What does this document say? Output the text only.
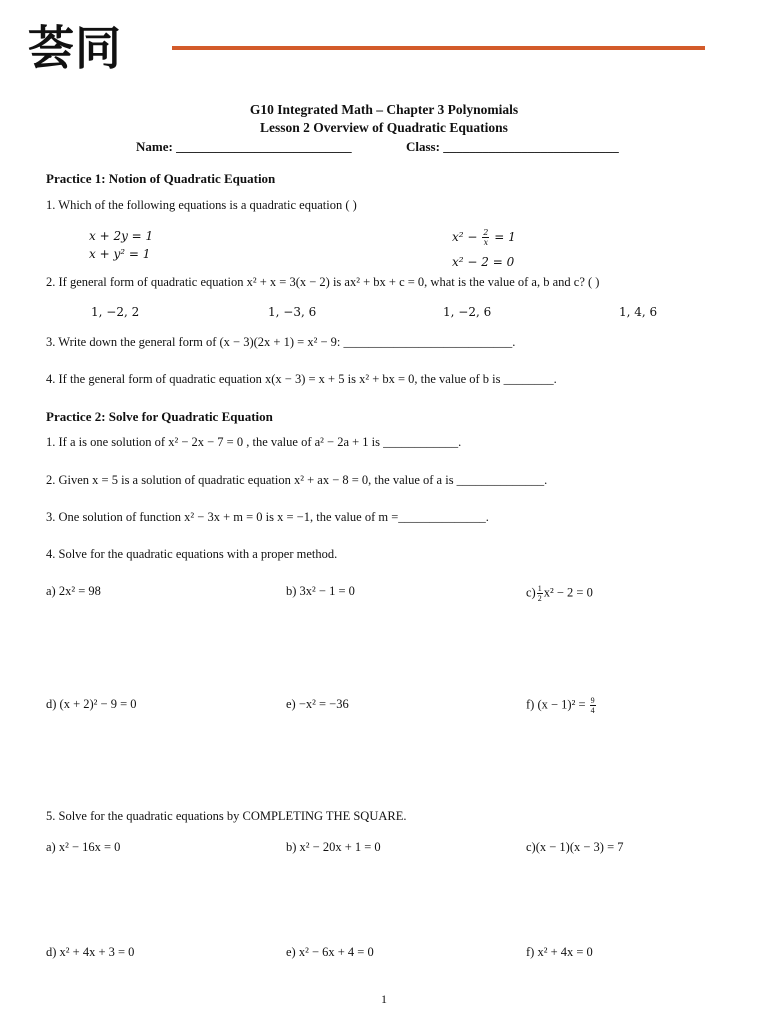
荟同
G10 Integrated Math – Chapter 3 Polynomials
Lesson 2 Overview of Quadratic Equations
Name: ___________________________	Class: ___________________________
Practice 1: Notion of Quadratic Equation
1. Which of the following equations is a quadratic equation ( )
x + 2y = 1
x + y² = 1
$x^2 - \frac{2}{x} = 1$
x² − 2 = 0
2. If general form of quadratic equation x² + x = 3(x − 2) is ax² + bx + c = 0, what is the value of a, b and c? ( )
1, −2, 2	1, −3, 6	1, −2, 6	1, 4, 6
3. Write down the general form of (x − 3)(2x + 1) = x² − 9: ___________________________.
4. If the general form of quadratic equation x(x − 3) = x + 5 is x² + bx = 0, the value of b is ________.
Practice 2: Solve for Quadratic Equation
1. If a is one solution of x² − 2x − 7 = 0 , the value of a² − 2a + 1 is ____________.
2. Given x = 5 is a solution of quadratic equation x² + ax − 8 = 0, the value of a is ______________.
3. One solution of function x² − 3x + m = 0 is x = −1, the value of m =______________.
4. Solve for the quadratic equations with a proper method.
a) 2x² = 98	b) 3x² − 1 = 0	$c) \frac{1}{2} x^2 - 2 = 0$
d) (x + 2)² − 9 = 0	e) −x² = −36	f) $(x - 1)^2 = \frac{9}{4}$
5. Solve for the quadratic equations by COMPLETING THE SQUARE.
a) x² − 16x = 0	b) x² − 20x + 1 = 0	c)(x − 1)(x − 3) = 7
d) x² + 4x + 3 = 0	e) x² − 6x + 4 = 0	f) x² + 4x = 0
1
